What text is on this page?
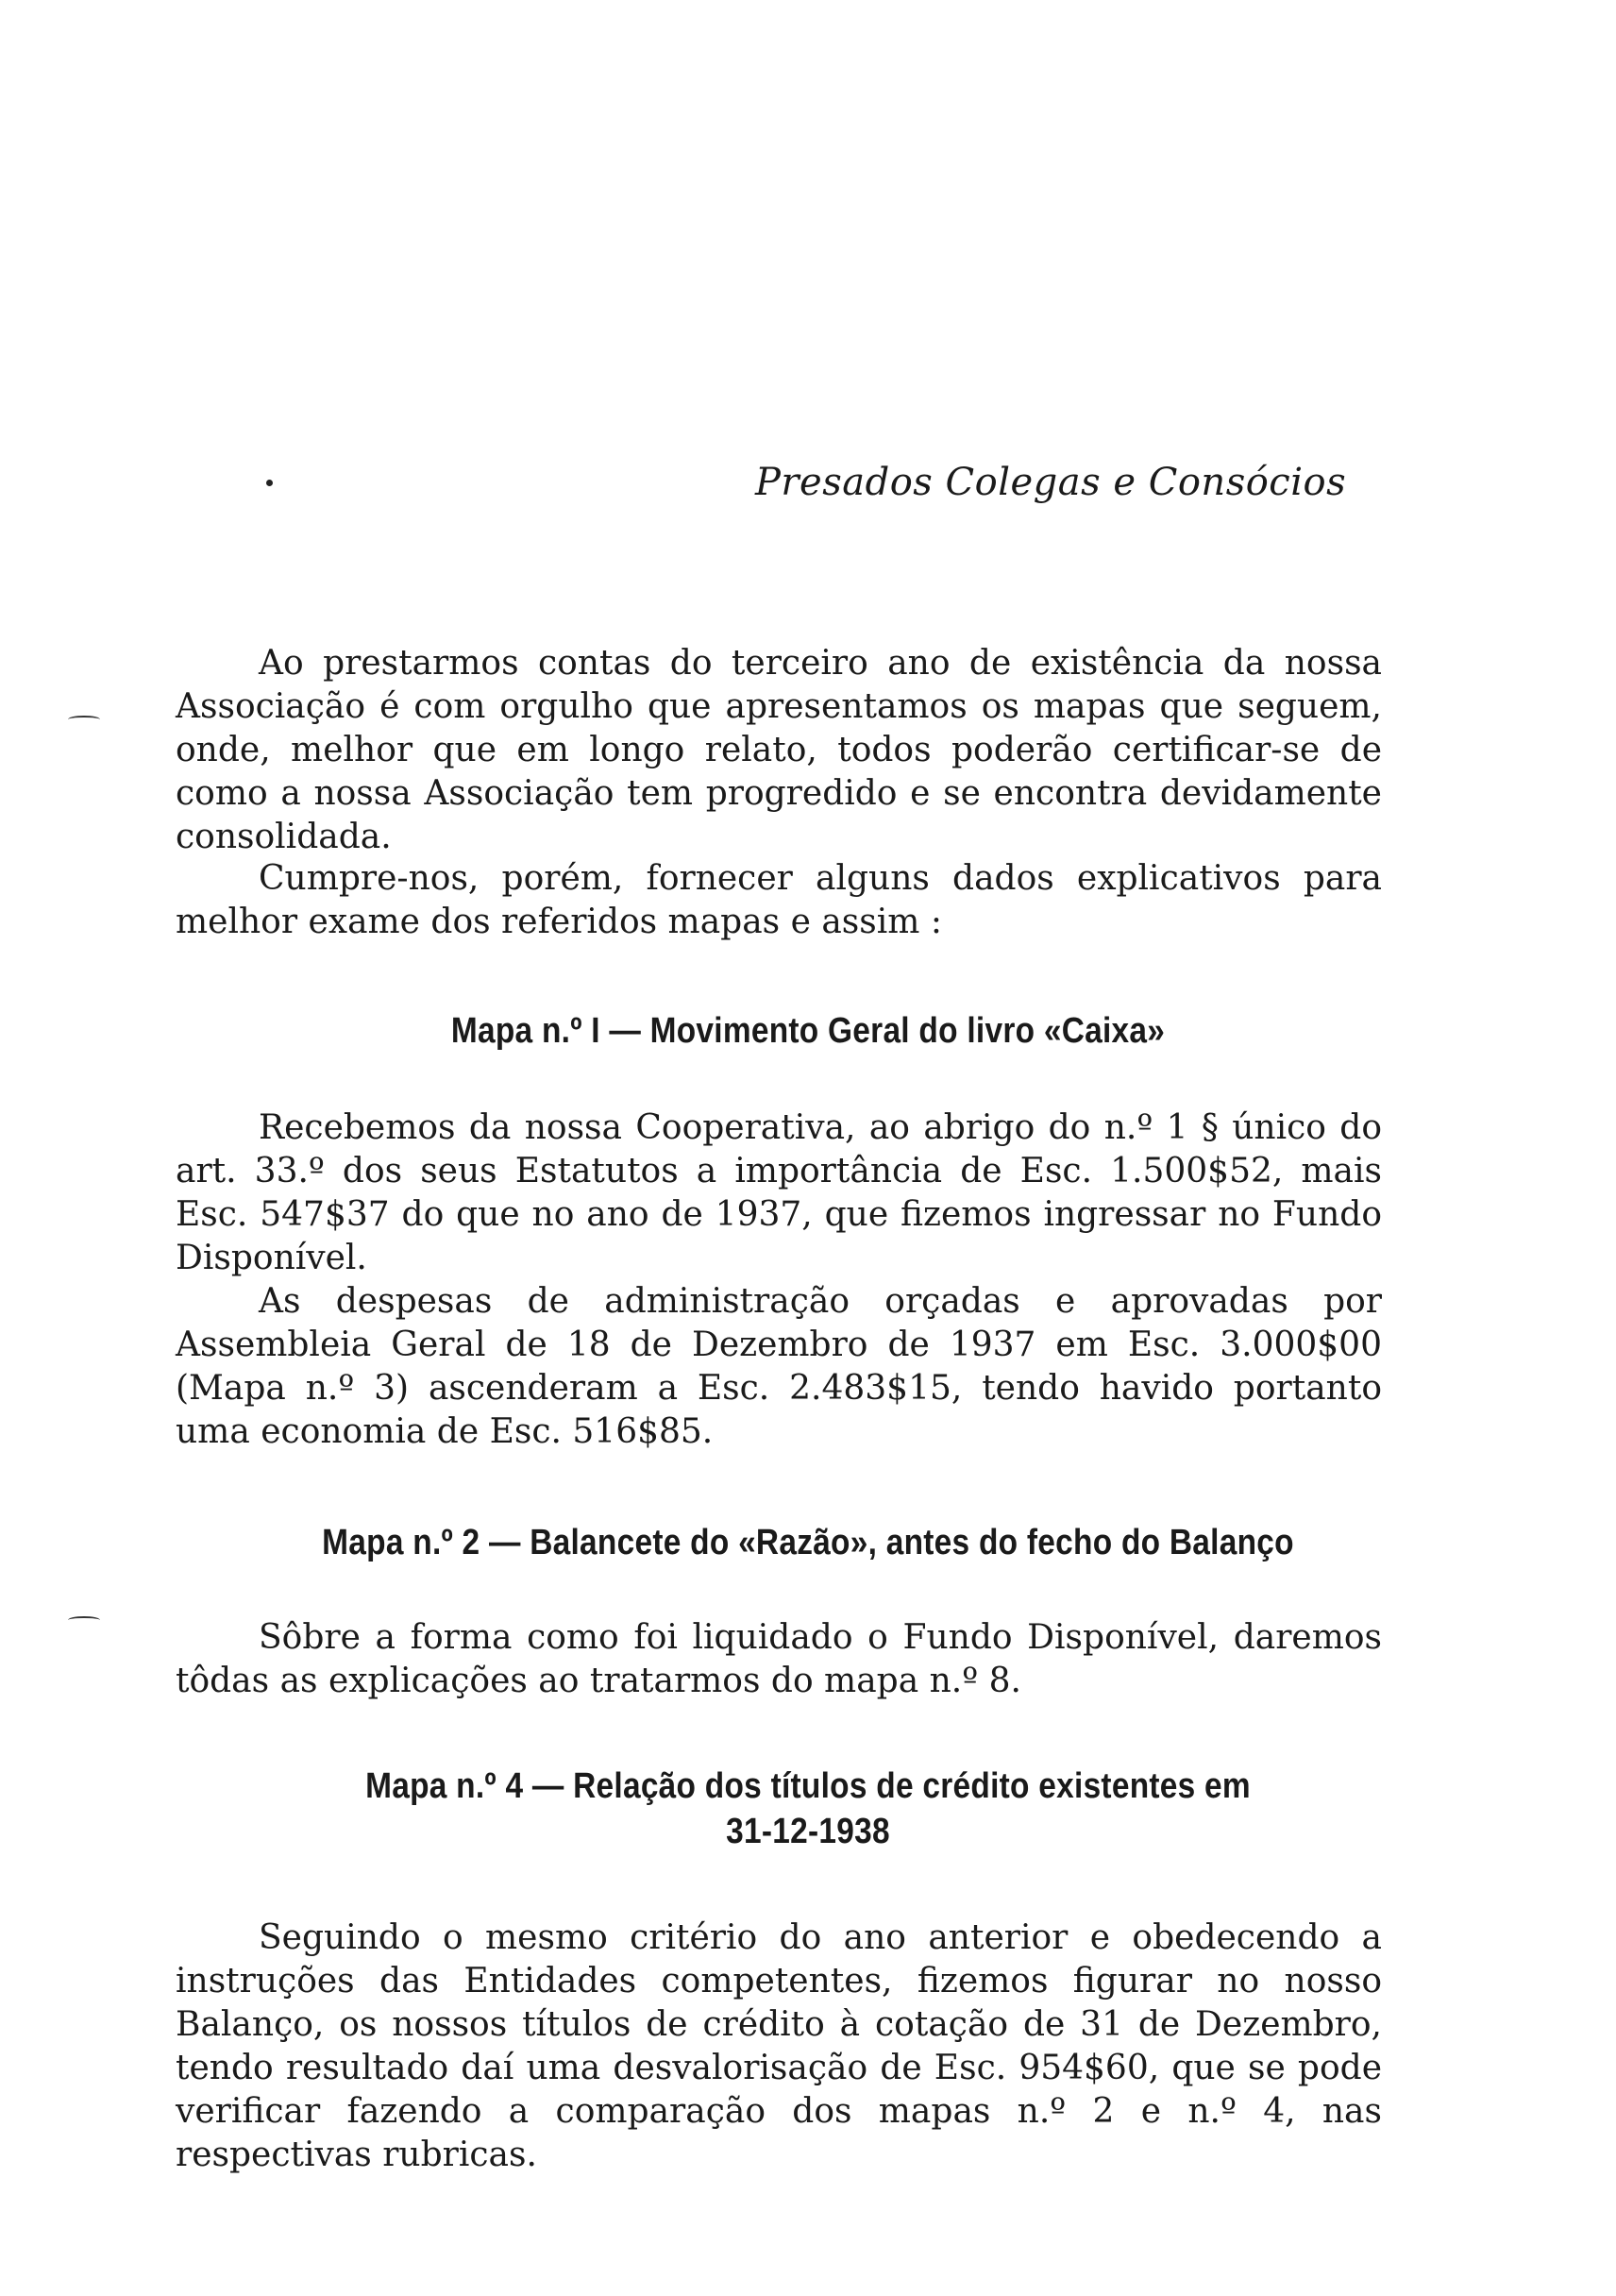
Presados Colegas e Consócios

Ao prestarmos contas do terceiro ano de existência da nossa Associação é com orgulho que apresentamos os mapas que seguem, onde, melhor que em longo relato, todos poderão certificar-se de como a nossa Associação tem progredido e se encontra devidamente consolidada.

Cumpre-nos, porém, fornecer alguns dados explicativos para melhor exame dos referidos mapas e assim :

Mapa n.º I — Movimento Geral do livro «Caixa»

Recebemos da nossa Cooperativa, ao abrigo do n.º 1 § único do art. 33.º dos seus Estatutos a importância de Esc. 1.500$52, mais Esc. 547$37 do que no ano de 1937, que fizemos ingressar no Fundo Disponível.

As despesas de administração orçadas e aprovadas por Assembleia Geral de 18 de Dezembro de 1937 em Esc. 3.000$00 (Mapa n.º 3) ascenderam a Esc. 2.483$15, tendo havido portanto uma economia de Esc. 516$85.

Mapa n.º 2 — Balancete do «Razão», antes do fecho do Balanço

Sôbre a forma como foi liquidado o Fundo Disponível, daremos tôdas as explicações ao tratarmos do mapa n.º 8.

Mapa n.º 4 — Relação dos títulos de crédito existentes em
31-12-1938

Seguindo o mesmo critério do ano anterior e obedecendo a instruções das Entidades competentes, fizemos figurar no nosso Balanço, os nossos títulos de crédito à cotação de 31 de Dezembro, tendo resultado daí uma desvalorisação de Esc. 954$60, que se pode verificar fazendo a comparação dos mapas n.º 2 e n.º 4, nas respectivas rubricas.
